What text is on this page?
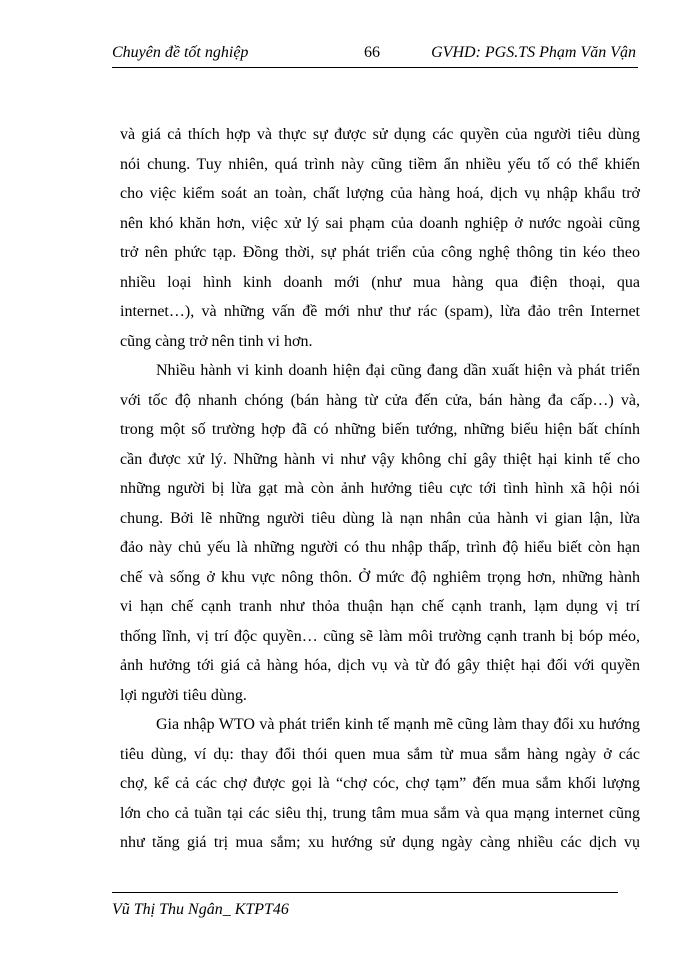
Chuyên đề tốt nghiệp	66	GVHD: PGS.TS Phạm Văn Vận
và giá cả thích hợp và thực sự được sử dụng các quyền của người tiêu dùng
nói chung. Tuy nhiên, quá trình này cũng tiềm ẩn nhiều yếu tố có thể khiến
cho việc kiểm soát an toàn, chất lượng của hàng hoá, dịch vụ nhập khẩu trở
nên khó khăn hơn, việc xử lý sai phạm của doanh nghiệp ở nước ngoài cũng
trở nên phức tạp. Đồng thời, sự phát triển của công nghệ thông tin kéo theo
nhiều loại hình kinh doanh mới (như mua hàng qua điện thoại, qua
internet…), và những vấn đề mới như thư rác (spam), lừa đảo trên Internet
cũng càng trở nên tinh vi hơn.
Nhiều hành vi kinh doanh hiện đại cũng đang dần xuất hiện và phát triển
với tốc độ nhanh chóng (bán hàng từ cửa đến cửa, bán hàng đa cấp…) và,
trong một số trường hợp đã có những biến tướng, những biểu hiện bất chính
cần được xử lý. Những hành vi như vậy không chỉ gây thiệt hại kinh tế cho
những người bị lừa gạt mà còn ảnh hưởng tiêu cực tới tình hình xã hội nói
chung. Bởi lẽ những người tiêu dùng là nạn nhân của hành vi gian lận, lừa
đảo này chủ yếu là những người có thu nhập thấp, trình độ hiểu biết còn hạn
chế và sống ở khu vực nông thôn. Ở mức độ nghiêm trọng hơn, những hành
vi hạn chế cạnh tranh như thỏa thuận hạn chế cạnh tranh, lạm dụng vị trí
thống lĩnh, vị trí độc quyền… cũng sẽ làm môi trường cạnh tranh bị bóp méo,
ảnh hưởng tới giá cả hàng hóa, dịch vụ và từ đó gây thiệt hại đối với quyền
lợi người tiêu dùng.
Gia nhập WTO và phát triển kinh tế mạnh mẽ cũng làm thay đổi xu hướng
tiêu dùng, ví dụ: thay đổi thói quen mua sắm từ mua sắm hàng ngày ở các
chợ, kể cả các chợ được gọi là “chợ cóc, chợ tạm” đến mua sắm khối lượng
lớn cho cả tuần tại các siêu thị, trung tâm mua sắm và qua mạng internet cũng
như tăng giá trị mua sắm; xu hướng sử dụng ngày càng nhiều các dịch vụ
Vũ Thị Thu Ngân_ KTPT46
